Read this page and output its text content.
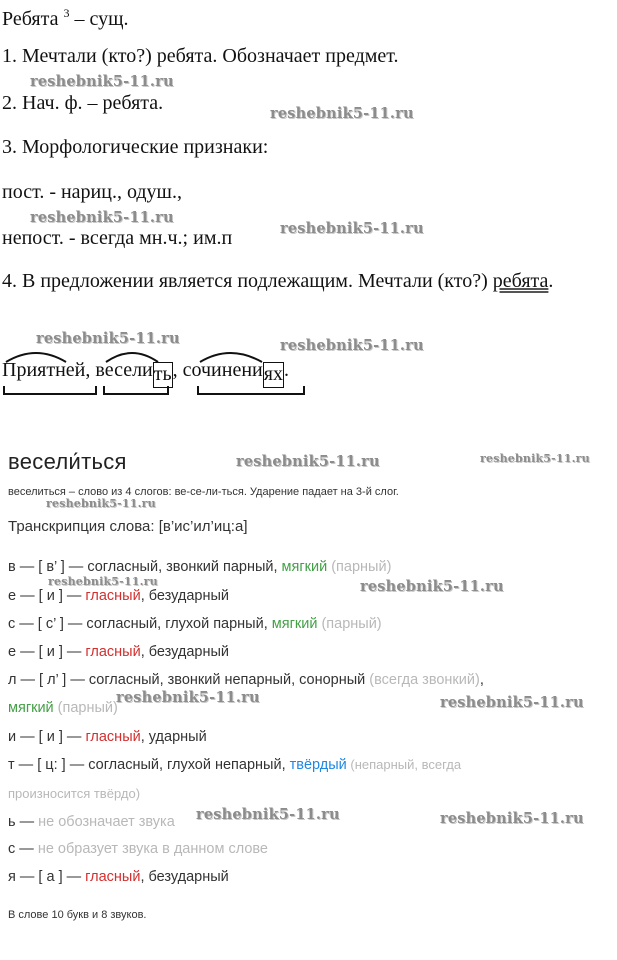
Ребята $^3$ – сущ.
1. Мечтали (кто?) ребята. Обозначает предмет.
2. Нач. ф. – ребята.
3. Морфологические признаки:
пост. - нариц., одуш.,
непост. - всегда мн.ч.; им.п
4. В предложении является подлежащим. Мечтали (кто?) ребята.
Приятней, веселить, сочинениях.
весели́ться
веселиться – слово из 4 слогов: ве-се-ли-ться. Ударение падает на 3-й слог.
Транскрипция слова: [в’ис’ил’иц:а]
в — [ в’ ] — согласный, звонкий парный, мягкий (парный)
е — [ и ] — гласный, безударный
с — [ с’ ] — согласный, глухой парный, мягкий (парный)
е — [ и ] — гласный, безударный
л — [ л’ ] — согласный, звонкий непарный, сонорный (всегда звонкий),
мягкий (парный)
и — [ и ] — гласный, ударный
т — [ ц: ] — согласный, глухой непарный, твёрдый (непарный, всегда
произносится твёрдо)
ь — не обозначает звука
с — не образует звука в данном слове
я — [ а ] — гласный, безударный
В слове 10 букв и 8 звуков.
reshebnik5-11.ru
reshebnik5-11.ru
reshebnik5-11.ru
reshebnik5-11.ru
reshebnik5-11.ru	reshebnik5-11.ru
reshebnik5-11.ru	reshebnik5-11.ru
reshebnik5-11.ru
reshebnik5-11.ru	reshebnik5-11.ru
reshebnik5-11.ru	reshebnik5-11.ru
reshebnik5-11.ru	reshebnik5-11.ru
